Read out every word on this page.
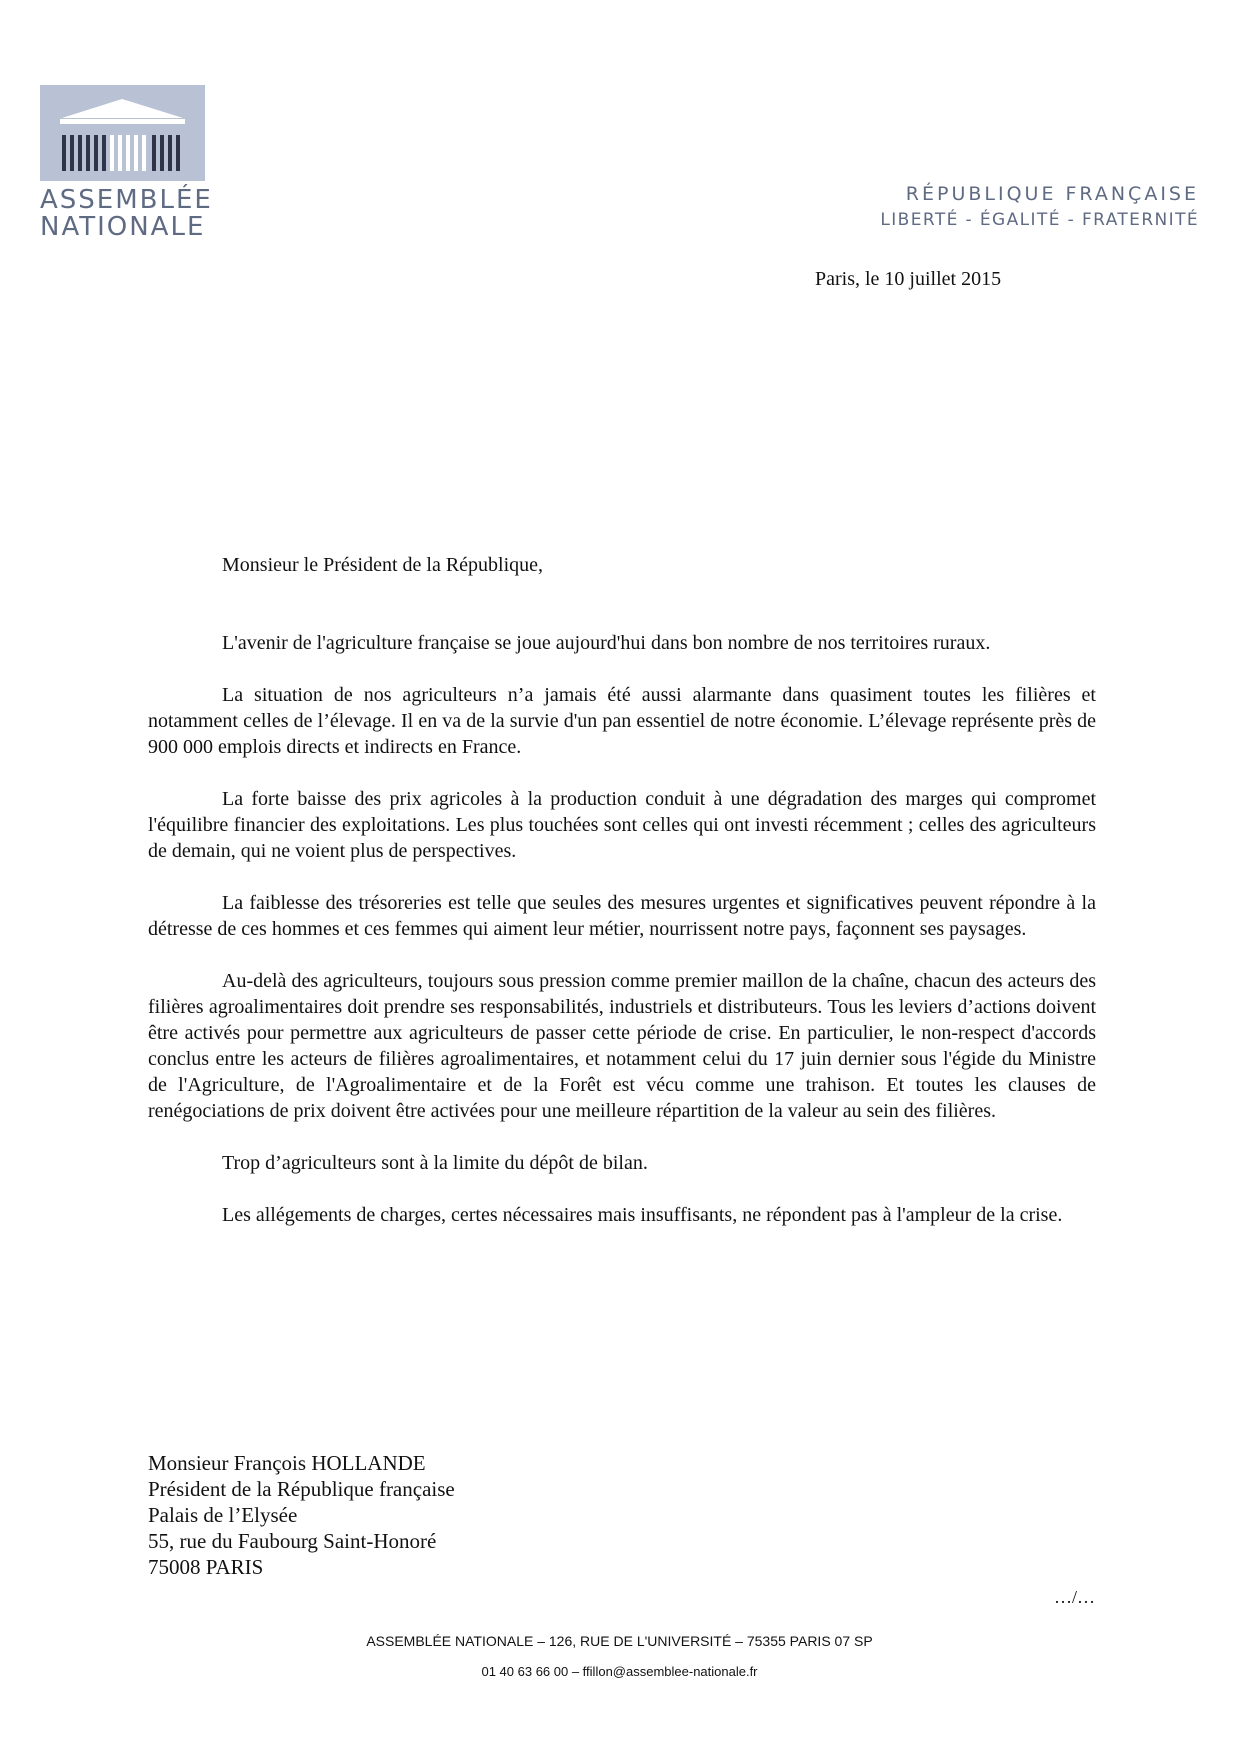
ASSEMBLÉE
NATIONALE
RÉPUBLIQUE FRANÇAISE
LIBERTÉ - ÉGALITÉ - FRATERNITÉ
Paris, le 10 juillet 2015

Monsieur le Président de la République,

L'avenir de l'agriculture française se joue aujourd'hui dans bon nombre de nos territoires ruraux.

La situation de nos agriculteurs n’a jamais été aussi alarmante dans quasiment toutes les filières et notamment celles de l’élevage. Il en va de la survie d'un pan essentiel de notre économie. L’élevage représente près de 900 000 emplois directs et indirects en France.

La forte baisse des prix agricoles à la production conduit à une dégradation des marges qui compromet l'équilibre financier des exploitations. Les plus touchées sont celles qui ont investi récemment ; celles des agriculteurs de demain, qui ne voient plus de perspectives.

La faiblesse des trésoreries est telle que seules des mesures urgentes et significatives peuvent répondre à la détresse de ces hommes et ces femmes qui aiment leur métier, nourrissent notre pays, façonnent ses paysages.

Au-delà des agriculteurs, toujours sous pression comme premier maillon de la chaîne, chacun des acteurs des filières agroalimentaires doit prendre ses responsabilités, industriels et distributeurs. Tous les leviers d’actions doivent être activés pour permettre aux agriculteurs de passer cette période de crise. En particulier, le non-respect d'accords conclus entre les acteurs de filières agroalimentaires, et notamment celui du 17 juin dernier sous l'égide du Ministre de l'Agriculture, de l'Agroalimentaire et de la Forêt est vécu comme une trahison. Et toutes les clauses de renégociations de prix doivent être activées pour une meilleure répartition de la valeur au sein des filières.

Trop d’agriculteurs sont à la limite du dépôt de bilan.

Les allégements de charges, certes nécessaires mais insuffisants, ne répondent pas à l'ampleur de la crise.

Monsieur François HOLLANDE
Président de la République française
Palais de l’Elysée
55, rue du Faubourg Saint-Honoré
75008 PARIS
…/…
ASSEMBLÉE NATIONALE – 126, RUE DE L'UNIVERSITÉ – 75355 PARIS 07 SP
01 40 63 66 00 – ffillon@assemblee-nationale.fr
